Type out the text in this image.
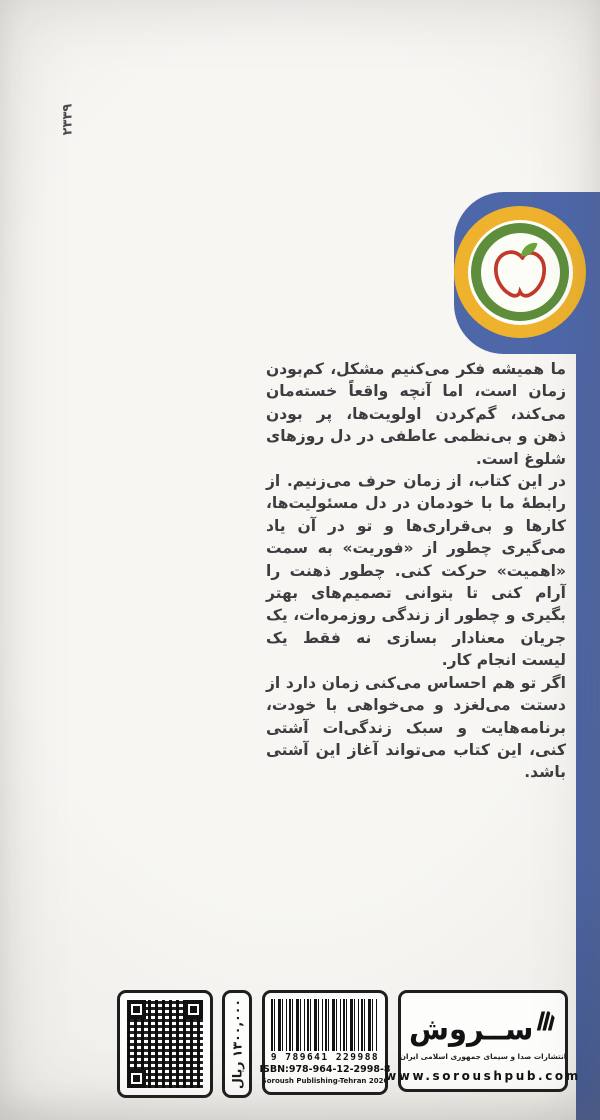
۲۳۳۹

ما همیشه فکر می‌کنیم مشکل، کم‌بودن زمان است، اما آنچه واقعاً خسته‌مان می‌کند، گم‌کردن اولویت‌ها، پر بودن ذهن و بی‌نظمی عاطفی در دل روزهای شلوغ است.

در این کتاب، از زمان حرف می‌زنیم. از رابطهٔ ما با خودمان در دل مسئولیت‌ها، کارها و بی‌قراری‌ها و تو در آن یاد می‌گیری چطور از «فوریت» به سمت «اهمیت» حرکت کنی. چطور ذهنت را آرام کنی تا بتوانی تصمیم‌های بهتر بگیری و چطور از زندگی روزمره‌ات، یک جریان معنادار بسازی نه فقط یک لیست انجام کار.

اگر تو هم احساس می‌کنی زمان دارد از دستت می‌لغزد و می‌خواهی با خودت، برنامه‌هایت و سبک زندگی‌ات آشتی کنی، این کتاب می‌تواند آغاز این آشتی باشد.

۱۳۰۰,۰۰۰ ریال
9 789641 229988
ISBN:978-964-12-2998-8
Soroush Publishing-Tehran 2020
ســروش
انتشارات صدا و سیمای جمهوری اسلامی ایران
www.soroushpub.com
